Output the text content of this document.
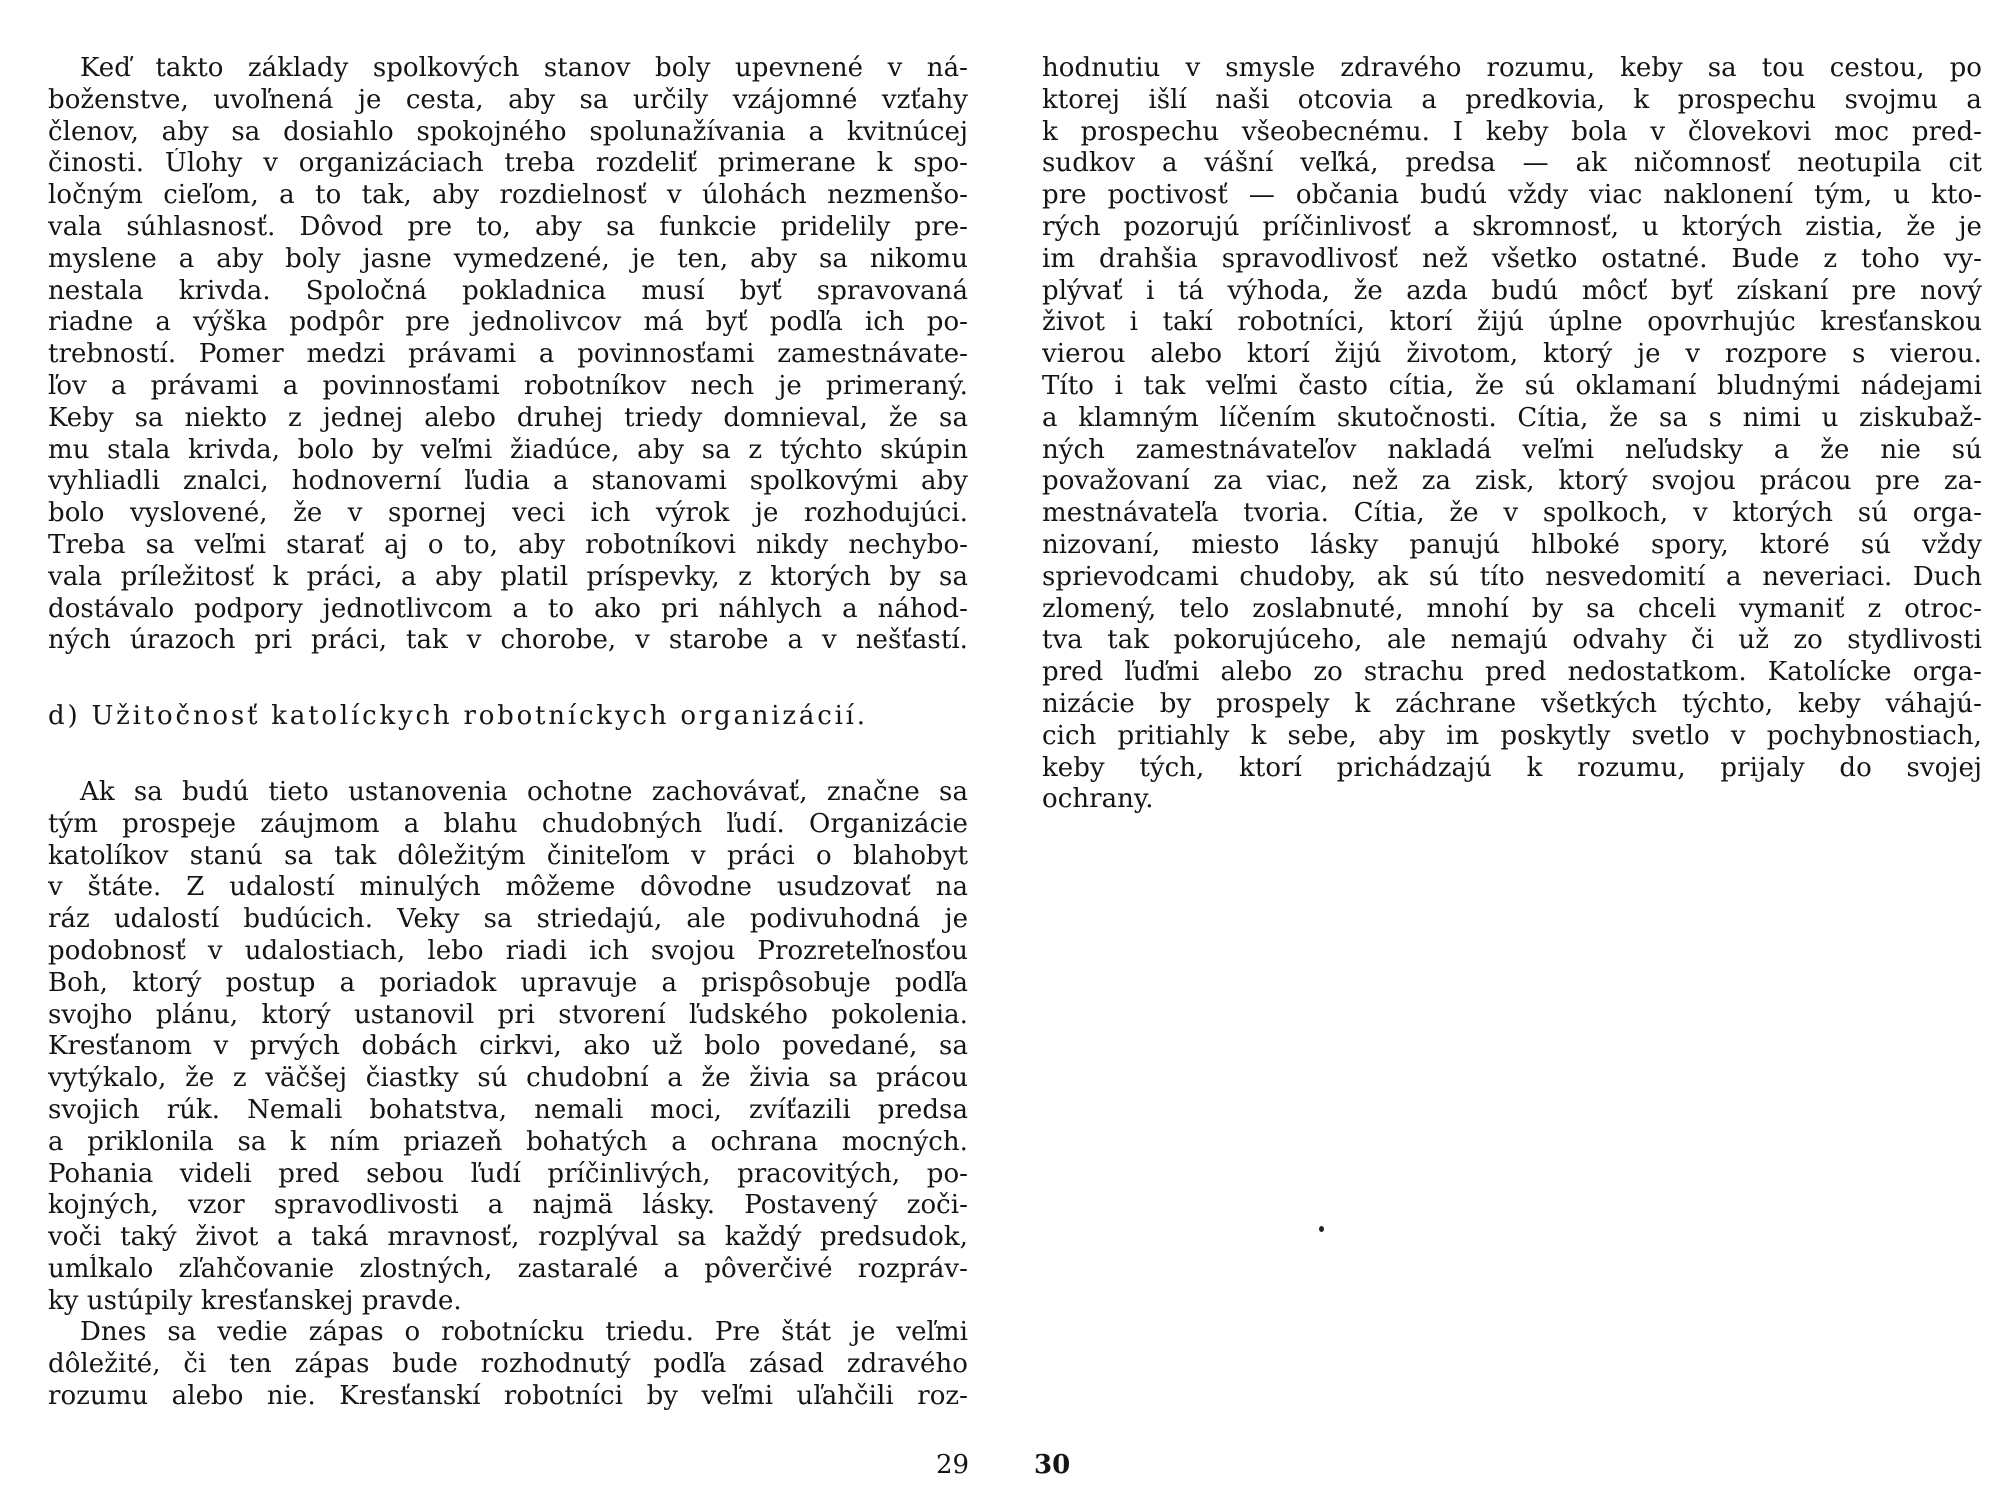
Keď takto základy spolkových stanov boly upevnené v ná-

boženstve, uvoľnená je cesta, aby sa určily vzájomné vzťahy

členov, aby sa dosiahlo spokojného spolunažívania a kvitnúcej

činosti. Úlohy v organizáciach treba rozdeliť primerane k spo-

ločným cieľom, a to tak, aby rozdielnosť v úlohách nezmenšo-

vala súhlasnosť. Dôvod pre to, aby sa funkcie pridelily pre-

myslene a aby boly jasne vymedzené, je ten, aby sa nikomu

nestala krivda. Spoločná pokladnica musí byť spravovaná

riadne a výška podpôr pre jednolivcov má byť podľa ich po-

trebností. Pomer medzi právami a povinnosťami zamestnávate-

ľov a právami a povinnosťami robotníkov nech je primeraný.

Keby sa niekto z jednej alebo druhej triedy domnieval, že sa

mu stala krivda, bolo by veľmi žiadúce, aby sa z týchto skúpin

vyhliadli znalci, hodnoverní ľudia a stanovami spolkovými aby

bolo vyslovené, že v spornej veci ich výrok je rozhodujúci.

Treba sa veľmi starať aj o to, aby robotníkovi nikdy nechybo-

vala príležitosť k práci, a aby platil príspevky, z ktorých by sa

dostávalo podpory jednotlivcom a to ako pri náhlych a náhod-

ných úrazoch pri práci, tak v chorobe, v starobe a v nešťastí.

d) Užitočnosť katolíckych robotníckych organizácií.

Ak sa budú tieto ustanovenia ochotne zachovávať, značne sa

tým prospeje záujmom a blahu chudobných ľudí. Organizácie

katolíkov stanú sa tak dôležitým činiteľom v práci o blahobyt

v štáte. Z udalostí minulých môžeme dôvodne usudzovať na

ráz udalostí budúcich. Veky sa striedajú, ale podivuhodná je

podobnosť v udalostiach, lebo riadi ich svojou Prozreteľnosťou

Boh, ktorý postup a poriadok upravuje a prispôsobuje podľa

svojho plánu, ktorý ustanovil pri stvorení ľudského pokolenia.

Kresťanom v prvých dobách cirkvi, ako už bolo povedané, sa

vytýkalo, že z väčšej čiastky sú chudobní a že živia sa prácou

svojich rúk. Nemali bohatstva, nemali moci, zvíťazili predsa

a priklonila sa k ním priazeň bohatých a ochrana mocných.

Pohania videli pred sebou ľudí príčinlivých, pracovitých, po-

kojných, vzor spravodlivosti a najmä lásky. Postavený zoči-

voči taký život a taká mravnosť, rozplýval sa každý predsudok,

umĺkalo zľahčovanie zlostných, zastaralé a pôverčivé rozpráv-

ky ustúpily kresťanskej pravde.

Dnes sa vedie zápas o robotnícku triedu. Pre štát je veľmi

dôležité, či ten zápas bude rozhodnutý podľa zásad zdravého

rozumu alebo nie. Kresťanskí robotníci by veľmi uľahčili roz-

29

hodnutiu v smysle zdravého rozumu, keby sa tou cestou, po

ktorej išlí naši otcovia a predkovia, k prospechu svojmu a

k prospechu všeobecnému. I keby bola v človekovi moc pred-

sudkov a vášní veľká, predsa — ak ničomnosť neotupila cit

pre poctivosť — občania budú vždy viac naklonení tým, u kto-

rých pozorujú príčinlivosť a skromnosť, u ktorých zistia, že je

im drahšia spravodlivosť než všetko ostatné. Bude z toho vy-

plývať i tá výhoda, že azda budú môcť byť získaní pre nový

život i takí robotníci, ktorí žijú úplne opovrhujúc kresťanskou

vierou alebo ktorí žijú životom, ktorý je v rozpore s vierou.

Títo i tak veľmi často cítia, že sú oklamaní bludnými nádejami

a klamným líčením skutočnosti. Cítia, že sa s nimi u ziskubaž-

ných zamestnávateľov nakladá veľmi neľudsky a že nie sú

považovaní za viac, než za zisk, ktorý svojou prácou pre za-

mestnávateľa tvoria. Cítia, že v spolkoch, v ktorých sú orga-

nizovaní, miesto lásky panujú hlboké spory, ktoré sú vždy

sprievodcami chudoby, ak sú títo nesvedomití a neveriaci. Duch

zlomený, telo zoslabnuté, mnohí by sa chceli vymaniť z otroc-

tva tak pokorujúceho, ale nemajú odvahy či už zo stydlivosti

pred ľuďmi alebo zo strachu pred nedostatkom. Katolícke orga-

nizácie by prospely k záchrane všetkých týchto, keby váhajú-

cich pritiahly k sebe, aby im poskytly svetlo v pochybnostiach,

keby tých, ktorí prichádzajú k rozumu, prijaly do svojej

ochrany.

30
